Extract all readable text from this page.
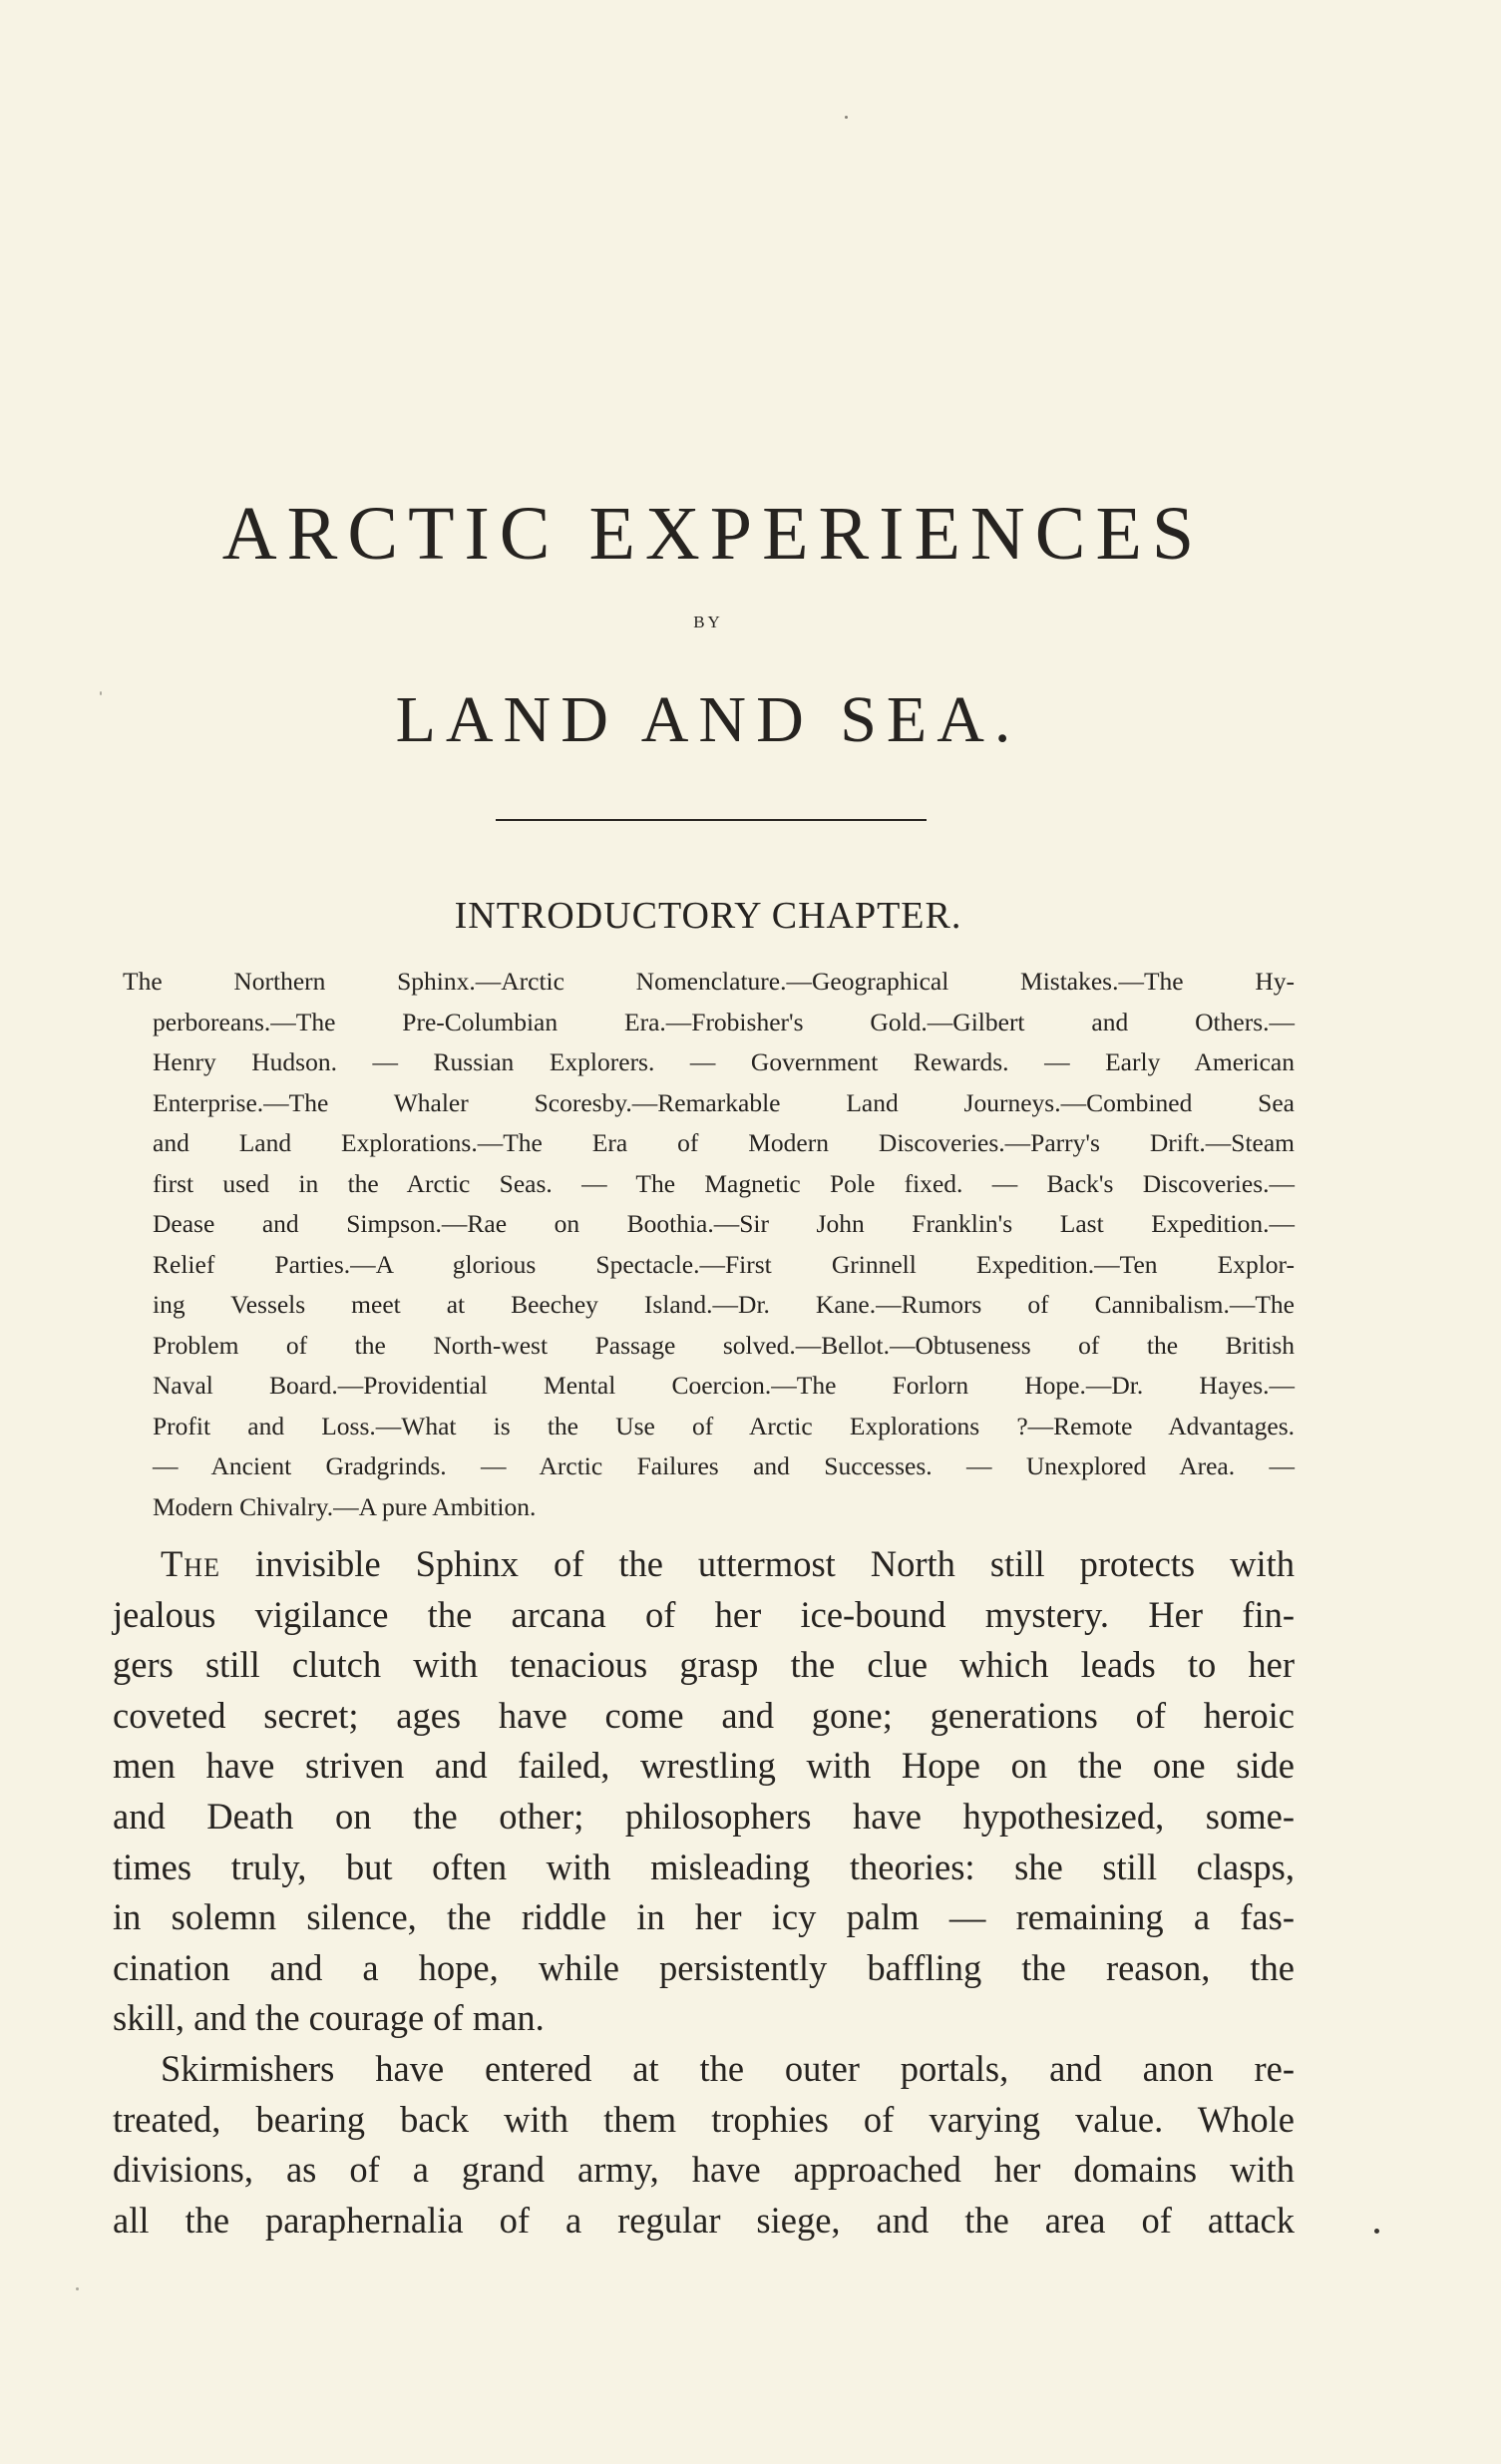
ARCTIC EXPERIENCES
BY
LAND AND SEA.
INTRODUCTORY CHAPTER.
The Northern Sphinx.—Arctic Nomenclature.—Geographical Mistakes.—The Hy-
perboreans.—The Pre-Columbian Era.—Frobisher's Gold.—Gilbert and Others.—
Henry Hudson. — Russian Explorers. — Government Rewards. — Early American
Enterprise.—The Whaler Scoresby.—Remarkable Land Journeys.—Combined Sea
and Land Explorations.—The Era of Modern Discoveries.—Parry's Drift.—Steam
first used in the Arctic Seas. — The Magnetic Pole fixed. — Back's Discoveries.—
Dease and Simpson.—Rae on Boothia.—Sir John Franklin's Last Expedition.—
Relief Parties.—A glorious Spectacle.—First Grinnell Expedition.—Ten Explor-
ing Vessels meet at Beechey Island.—Dr. Kane.—Rumors of Cannibalism.—The
Problem of the North-west Passage solved.—Bellot.—Obtuseness of the British
Naval Board.—Providential Mental Coercion.—The Forlorn Hope.—Dr. Hayes.—
Profit and Loss.—What is the Use of Arctic Explorations ?—Remote Advantages.
— Ancient Gradgrinds. — Arctic Failures and Successes. — Unexplored Area. —
Modern Chivalry.—A pure Ambition.
The invisible Sphinx of the uttermost North still protects with
jealous vigilance the arcana of her ice-bound mystery. Her fin-
gers still clutch with tenacious grasp the clue which leads to her
coveted secret; ages have come and gone; generations of heroic
men have striven and failed, wrestling with Hope on the one side
and Death on the other; philosophers have hypothesized, some-
times truly, but often with misleading theories: she still clasps,
in solemn silence, the riddle in her icy palm — remaining a fas-
cination and a hope, while persistently baffling the reason, the
skill, and the courage of man.
Skirmishers have entered at the outer portals, and anon re-
treated, bearing back with them trophies of varying value. Whole
divisions, as of a grand army, have approached her domains with
all the paraphernalia of a regular siege, and the area of attack
